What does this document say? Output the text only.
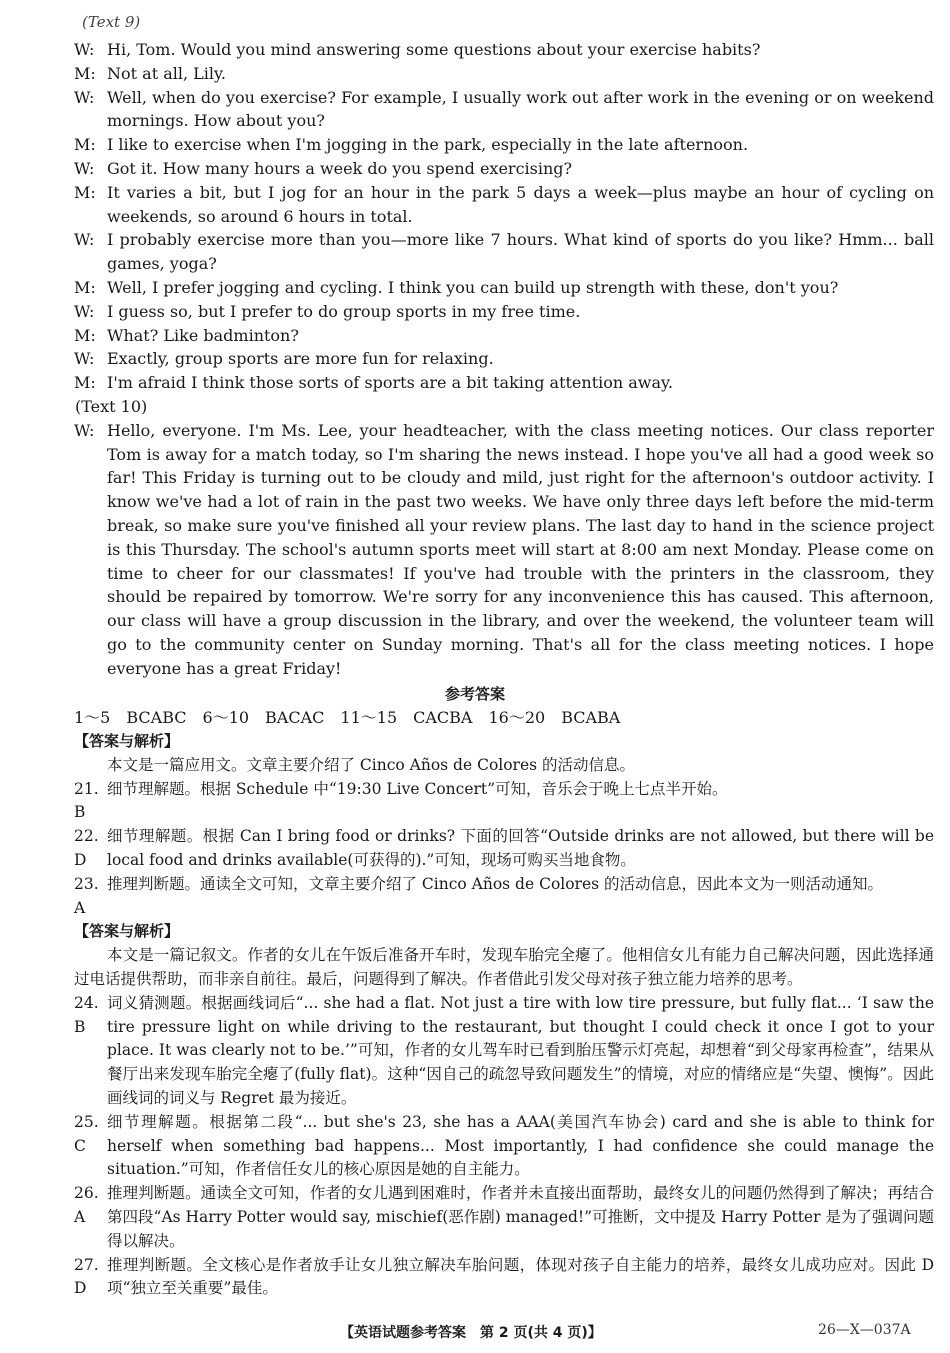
(Text 9)
W: Hi, Tom. Would you mind answering some questions about your exercise habits?
M: Not at all, Lily.
W: Well, when do you exercise? For example, I usually work out after work in the evening or on weekend mornings. How about you?
M: I like to exercise when I'm jogging in the park, especially in the late afternoon.
W: Got it. How many hours a week do you spend exercising?
M: It varies a bit, but I jog for an hour in the park 5 days a week—plus maybe an hour of cycling on weekends, so around 6 hours in total.
W: I probably exercise more than you—more like 7 hours. What kind of sports do you like? Hmm... ball games, yoga?
M: Well, I prefer jogging and cycling. I think you can build up strength with these, don't you?
W: I guess so, but I prefer to do group sports in my free time.
M: What? Like badminton?
W: Exactly, group sports are more fun for relaxing.
M: I'm afraid I think those sorts of sports are a bit taking attention away.
(Text 10)
W: Hello, everyone. I'm Ms. Lee, your headteacher, with the class meeting notices. Our class reporter Tom is away for a match today, so I'm sharing the news instead. I hope you've all had a good week so far! This Friday is turning out to be cloudy and mild, just right for the afternoon's outdoor activity. I know we've had a lot of rain in the past two weeks. We have only three days left before the mid-term break, so make sure you've finished all your review plans. The last day to hand in the science project is this Thursday. The school's autumn sports meet will start at 8:00 am next Monday. Please come on time to cheer for our classmates! If you've had trouble with the printers in the classroom, they should be repaired by tomorrow. We're sorry for any inconvenience this has caused. This afternoon, our class will have a group discussion in the library, and over the weekend, the volunteer team will go to the community center on Sunday morning. That's all for the class meeting notices. I hope everyone has a great Friday!
参考答案
1～5　BCABC　6～10　BACAC　11～15　CACBA　16～20　BCABA
【答案与解析】
本文是一篇应用文。文章主要介绍了 Cinco Años de Colores 的活动信息。
21. B
细节理解题。根据 Schedule 中“19:30 Live Concert”可知，音乐会于晚上七点半开始。
22. D
细节理解题。根据 Can I bring food or drinks? 下面的回答“Outside drinks are not allowed, but there will be local food and drinks available(可获得的).”可知，现场可购买当地食物。
23. A
推理判断题。通读全文可知，文章主要介绍了 Cinco Años de Colores 的活动信息，因此本文为一则活动通知。
【答案与解析】
本文是一篇记叙文。作者的女儿在午饭后准备开车时，发现车胎完全瘪了。他相信女儿有能力自己解决问题，因此选择通过电话提供帮助，而非亲自前往。最后，问题得到了解决。作者借此引发父母对孩子独立能力培养的思考。
24. B
词义猜测题。根据画线词后“... she had a flat. Not just a tire with low tire pressure, but fully flat... ‘I saw the tire pressure light on while driving to the restaurant, but thought I could check it once I got to your place. It was clearly not to be.’”可知，作者的女儿驾车时已看到胎压警示灯亮起，却想着“到父母家再检查”，结果从餐厅出来发现车胎完全瘪了(fully flat)。这种“因自己的疏忽导致问题发生”的情境，对应的情绪应是“失望、懊悔”。因此画线词的词义与 Regret 最为接近。
25. C
细节理解题。根据第二段“... but she's 23, she has a AAA(美国汽车协会) card and she is able to think for herself when something bad happens... Most importantly, I had confidence she could manage the situation.”可知，作者信任女儿的核心原因是她的自主能力。
26. A
推理判断题。通读全文可知，作者的女儿遇到困难时，作者并未直接出面帮助，最终女儿的问题仍然得到了解决；再结合第四段“As Harry Potter would say, mischief(恶作剧) managed!”可推断，文中提及 Harry Potter 是为了强调问题得以解决。
27. D
推理判断题。全文核心是作者放手让女儿独立解决车胎问题，体现对孩子自主能力的培养，最终女儿成功应对。因此 D 项“独立至关重要”最佳。
【英语试题参考答案　第 2 页(共 4 页)】	26—X—037A
